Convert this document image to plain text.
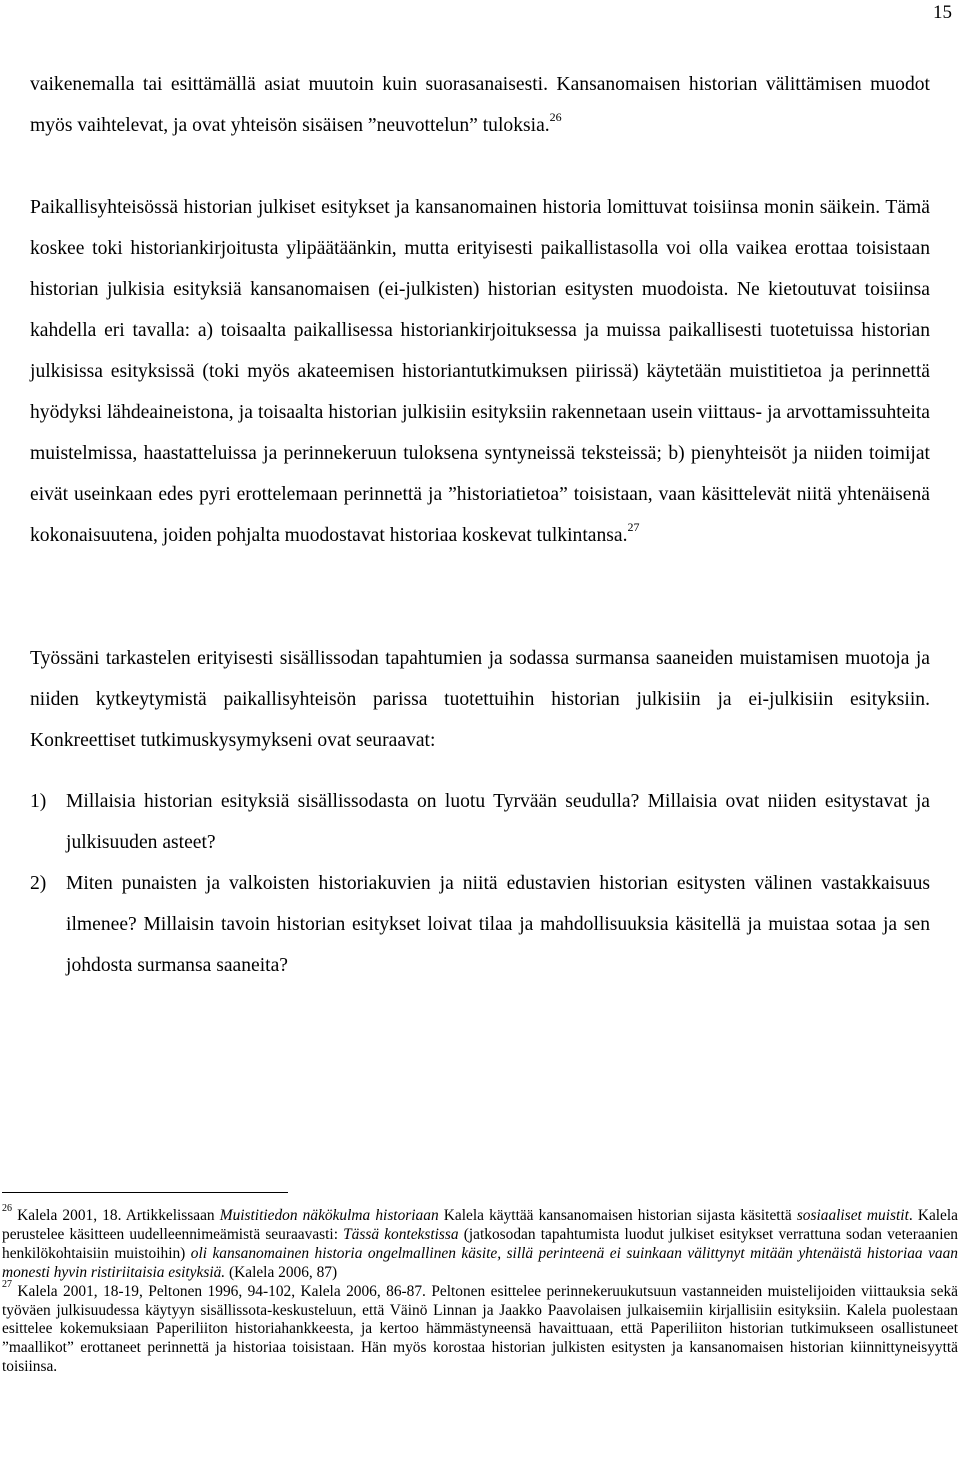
15

vaikenemalla tai esittämällä asiat muutoin kuin suorasanaisesti. Kansanomaisen historian välittämisen muodot myös vaihtelevat, ja ovat yhteisön sisäisen ”neuvottelun” tuloksia.$^{26}$

Paikallisyhteisössä historian julkiset esitykset ja kansanomainen historia lomittuvat toisiinsa monin säikein. Tämä koskee toki historiankirjoitusta ylipäätäänkin, mutta erityisesti paikallistasolla voi olla vaikea erottaa toisistaan historian julkisia esityksiä kansanomaisen (ei-julkisten) historian esitysten muodoista. Ne kietoutuvat toisiinsa kahdella eri tavalla: a) toisaalta paikallisessa historiankirjoituksessa ja muissa paikallisesti tuotetuissa historian julkisissa esityksissä (toki myös akateemisen historiantutkimuksen piirissä) käytetään muistitietoa ja perinnettä hyödyksi lähdeaineistona, ja toisaalta historian julkisiin esityksiin rakennetaan usein viittaus- ja arvottamissuhteita muistelmissa, haastatteluissa ja perinnekeruun tuloksena syntyneissä teksteissä; b) pienyhteisöt ja niiden toimijat eivät useinkaan edes pyri erottelemaan perinnettä ja ”historiatietoa” toisistaan, vaan käsittelevät niitä yhtenäisenä kokonaisuutena, joiden pohjalta muodostavat historiaa koskevat tulkintansa.$^{27}$

Työssäni tarkastelen erityisesti sisällissodan tapahtumien ja sodassa surmansa saaneiden muistamisen muotoja ja niiden kytkeytymistä paikallisyhteisön parissa tuotettuihin historian julkisiin ja ei-julkisiin esityksiin. Konkreettiset tutkimuskysymykseni ovat seuraavat:

1) Millaisia historian esityksiä sisällissodasta on luotu Tyrvään seudulla? Millaisia ovat niiden esitystavat ja julkisuuden asteet?
2) Miten punaisten ja valkoisten historiakuvien ja niitä edustavien historian esitysten välinen vastakkaisuus ilmenee? Millaisin tavoin historian esitykset loivat tilaa ja mahdollisuuksia käsitellä ja muistaa sotaa ja sen johdosta surmansa saaneita?

$^{26}$ Kalela 2001, 18. Artikkelissaan Muistitiedon näkökulma historiaan Kalela käyttää kansanomaisen historian sijasta käsitettä sosiaaliset muistit. Kalela perustelee käsitteen uudelleennimeämistä seuraavasti: Tässä kontekstissa (jatkosodan tapahtumista luodut julkiset esitykset verrattuna sodan veteraanien henkilökohtaisiin muistoihin) oli kansanomainen historia ongelmallinen käsite, sillä perinteenä ei suinkaan välittynyt mitään yhtenäistä historiaa vaan monesti hyvin ristiriitaisia esityksiä. (Kalela 2006, 87)

$^{27}$ Kalela 2001, 18-19, Peltonen 1996, 94-102, Kalela 2006, 86-87. Peltonen esittelee perinnekeruukutsuun vastanneiden muistelijoiden viittauksia sekä työväen julkisuudessa käytyyn sisällissota-keskusteluun, että Väinö Linnan ja Jaakko Paavolaisen julkaisemiin kirjallisiin esityksiin. Kalela puolestaan esittelee kokemuksiaan Paperiliiton historiahankkeesta, ja kertoo hämmästyneensä havaittuaan, että Paperiliiton historian tutkimukseen osallistuneet ”maallikot” erottaneet perinnettä ja historiaa toisistaan. Hän myös korostaa historian julkisten esitysten ja kansanomaisen historian kiinnittyneisyyttä toisiinsa.
